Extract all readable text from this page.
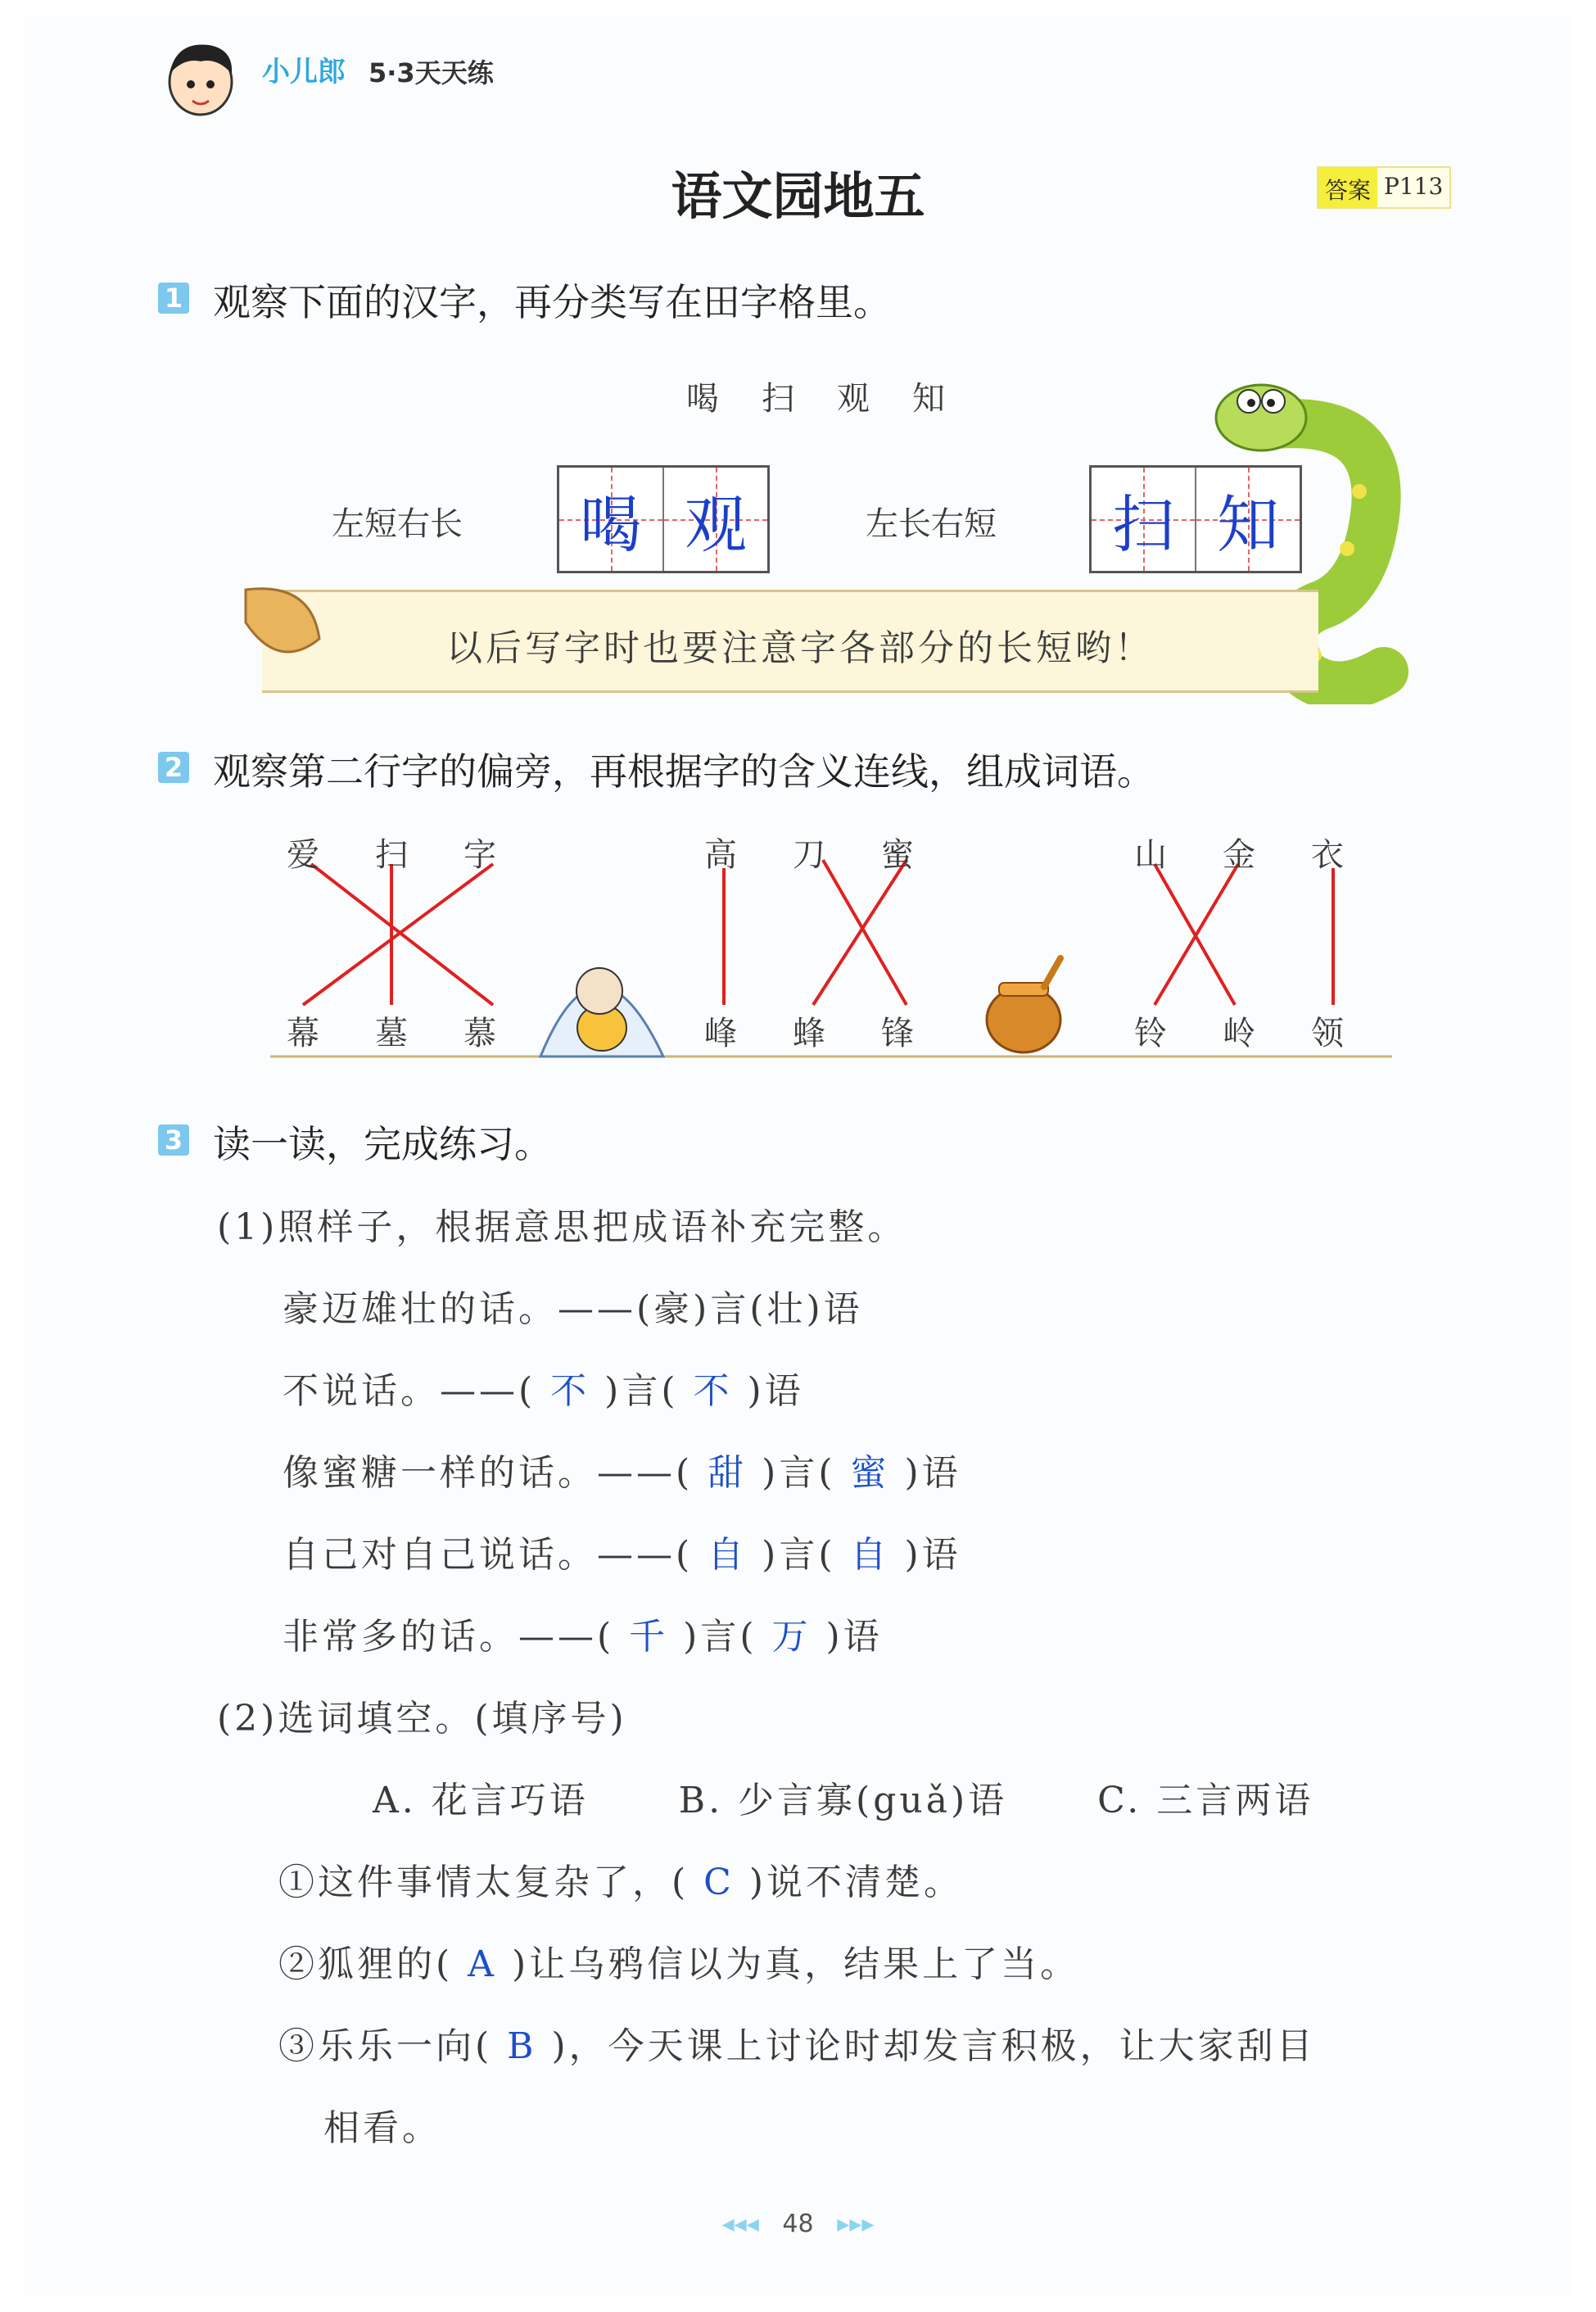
小儿郎 5·3天天练
语文园地五	答案 P113
1 观察下面的汉字，再分类写在田字格里。
喝 扫 观 知
左短右长 喝 观	左长右短 扫 知
以后写字时也要注意字各部分的长短哟！
2 观察第二行字的偏旁，再根据字的含义连线，组成词语。
爱 扫 字
幕 墓 慕
高 刀 蜜
峰 蜂 锋
山 金 衣
铃 岭 领
3 读一读，完成练习。
(1)照样子，根据意思把成语补充完整。
豪迈雄壮的话。——(豪)言(壮)语
不说话。——( 不 )言( 不 )语
像蜜糖一样的话。——( 甜 )言( 蜜 )语
自己对自己说话。——( 自 )言( 自 )语
非常多的话。——( 千 )言( 万 )语
(2)选词填空。(填序号)
A. 花言巧语	B. 少言寡(guǎ)语	C. 三言两语
①这件事情太复杂了，( C )说不清楚。
②狐狸的( A )让乌鸦信以为真，结果上了当。
③乐乐一向( B )，今天课上讨论时却发言积极，让大家刮目
相看。
◂◂◂ 48 ▸▸▸
